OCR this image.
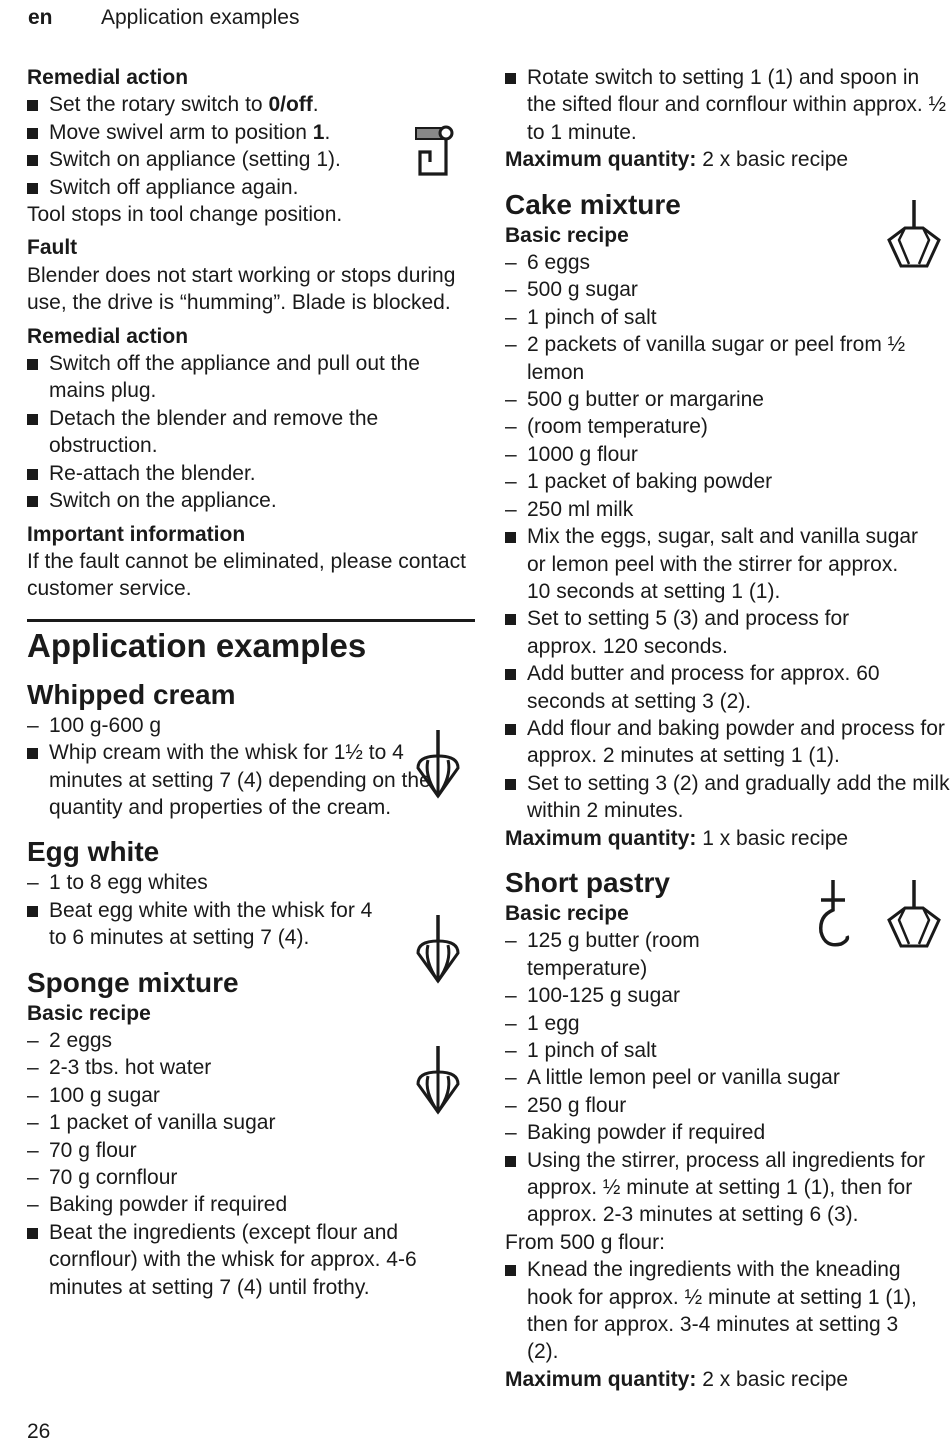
en Application examples
Remedial action
Set the rotary switch to 0/off.
Move swivel arm to position 1.
Switch on appliance (setting 1).
Switch off appliance again.
Tool stops in tool change position.
Fault
Blender does not start working or stops during use, the drive is “humming”. Blade is blocked.
Remedial action
Switch off the appliance and pull out the mains plug.
Detach the blender and remove the obstruction.
Re-attach the blender.
Switch on the appliance.
Important information
If the fault cannot be eliminated, please contact customer service.
Application examples
Whipped cream
– 100 g-600 g
Whip cream with the whisk for 1½ to 4 minutes at setting 7 (4) depending on the quantity and properties of the cream.
Egg white
– 1 to 8 egg whites
Beat egg white with the whisk for 4 to 6 minutes at setting 7 (4).
Sponge mixture
Basic recipe
– 2 eggs
– 2-3 tbs. hot water
– 100 g sugar
– 1 packet of vanilla sugar
– 70 g flour
– 70 g cornflour
– Baking powder if required
Beat the ingredients (except flour and cornflour) with the whisk for approx. 4-6 minutes at setting 7 (4) until frothy.
Rotate switch to setting 1 (1) and spoon in the sifted flour and cornflour within approx. ½ to 1 minute.
Maximum quantity: 2 x basic recipe
Cake mixture
Basic recipe
– 6 eggs
– 500 g sugar
– 1 pinch of salt
– 2 packets of vanilla sugar or peel from ½ lemon
– 500 g butter or margarine
– (room temperature)
– 1000 g flour
– 1 packet of baking powder
– 250 ml milk
Mix the eggs, sugar, salt and vanilla sugar or lemon peel with the stirrer for approx. 10 seconds at setting 1 (1).
Set to setting 5 (3) and process for approx. 120 seconds.
Add butter and process for approx. 60 seconds at setting 3 (2).
Add flour and baking powder and process for approx. 2 minutes at setting 1 (1).
Set to setting 3 (2) and gradually add the milk within 2 minutes.
Maximum quantity: 1 x basic recipe
Short pastry
Basic recipe
– 125 g butter (room temperature)
– 100-125 g sugar
– 1 egg
– 1 pinch of salt
– A little lemon peel or vanilla sugar
– 250 g flour
– Baking powder if required
Using the stirrer, process all ingredients for approx. ½ minute at setting 1 (1), then for approx. 2-3 minutes at setting 6 (3).
From 500 g flour:
Knead the ingredients with the kneading hook for approx. ½ minute at setting 1 (1), then for approx. 3-4 minutes at setting 3 (2).
Maximum quantity: 2 x basic recipe
26
